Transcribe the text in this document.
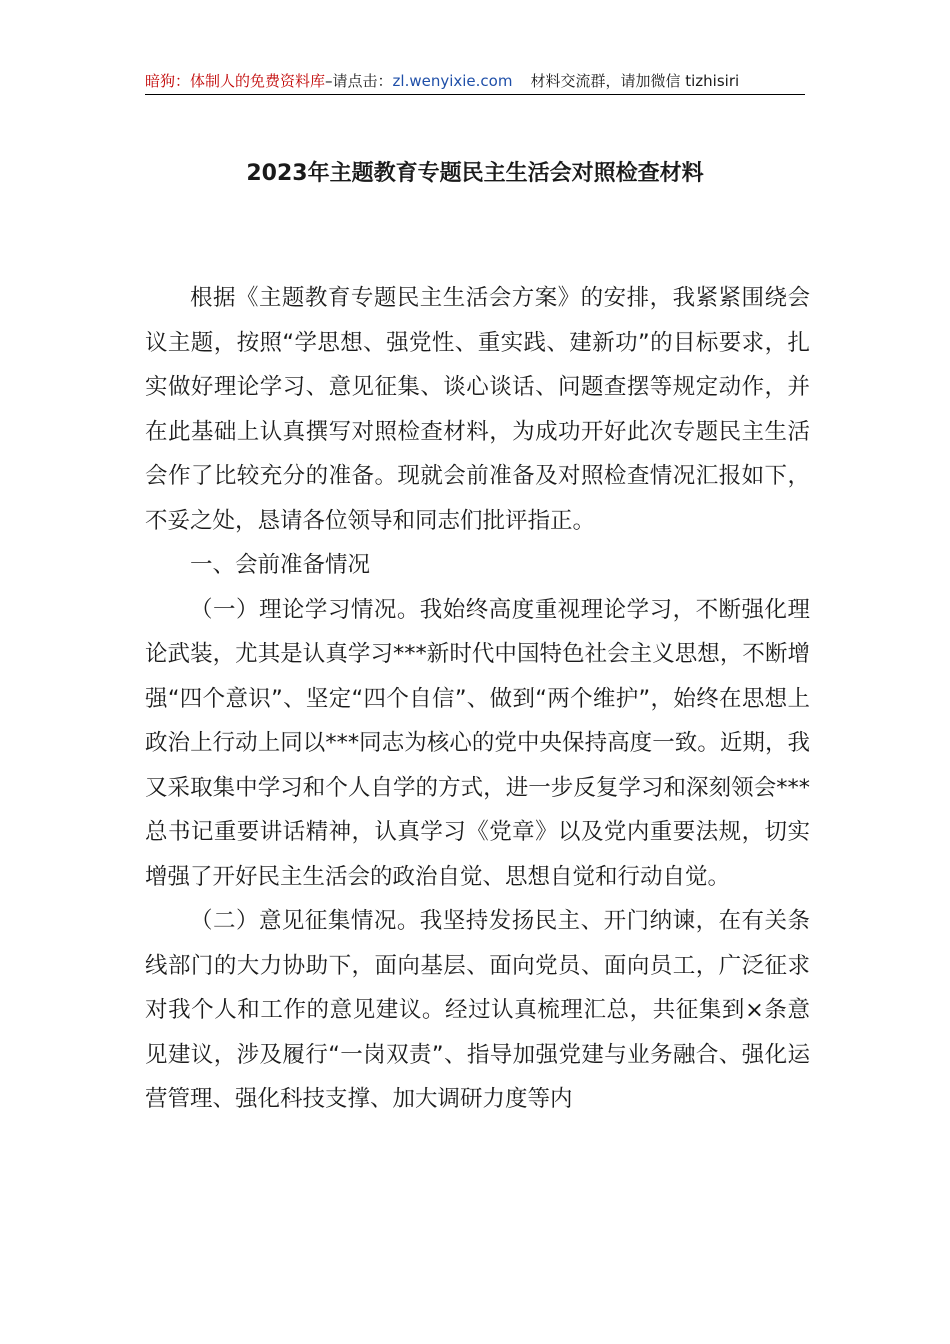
暗狗：体制人的免费资料库–请点击：zl.wenyixie.com 材料交流群，请加微信 tizhisiri
2023年主题教育专题民主生活会对照检查材料

根据《主题教育专题民主生活会方案》的安排，我紧紧围绕会议主题，按照“学思想、强党性、重实践、建新功”的目标要求，扎实做好理论学习、意见征集、谈心谈话、问题查摆等规定动作，并在此基础上认真撰写对照检查材料，为成功开好此次专题民主生活会作了比较充分的准备。现就会前准备及对照检查情况汇报如下，不妥之处，恳请各位领导和同志们批评指正。

一、会前准备情况

（一）理论学习情况。我始终高度重视理论学习，不断强化理论武装，尤其是认真学习***新时代中国特色社会主义思想，不断增强“四个意识”、坚定“四个自信”、做到“两个维护”，始终在思想上政治上行动上同以***同志为核心的党中央保持高度一致。近期，我又采取集中学习和个人自学的方式，进一步反复学习和深刻领会***总书记重要讲话精神，认真学习《党章》以及党内重要法规，切实增强了开好民主生活会的政治自觉、思想自觉和行动自觉。

（二）意见征集情况。我坚持发扬民主、开门纳谏，在有关条线部门的大力协助下，面向基层、面向党员、面向员工，广泛征求对我个人和工作的意见建议。经过认真梳理汇总，共征集到×条意见建议，涉及履行“一岗双责”、指导加强党建与业务融合、强化运营管理、强化科技支撑、加大调研力度等内
